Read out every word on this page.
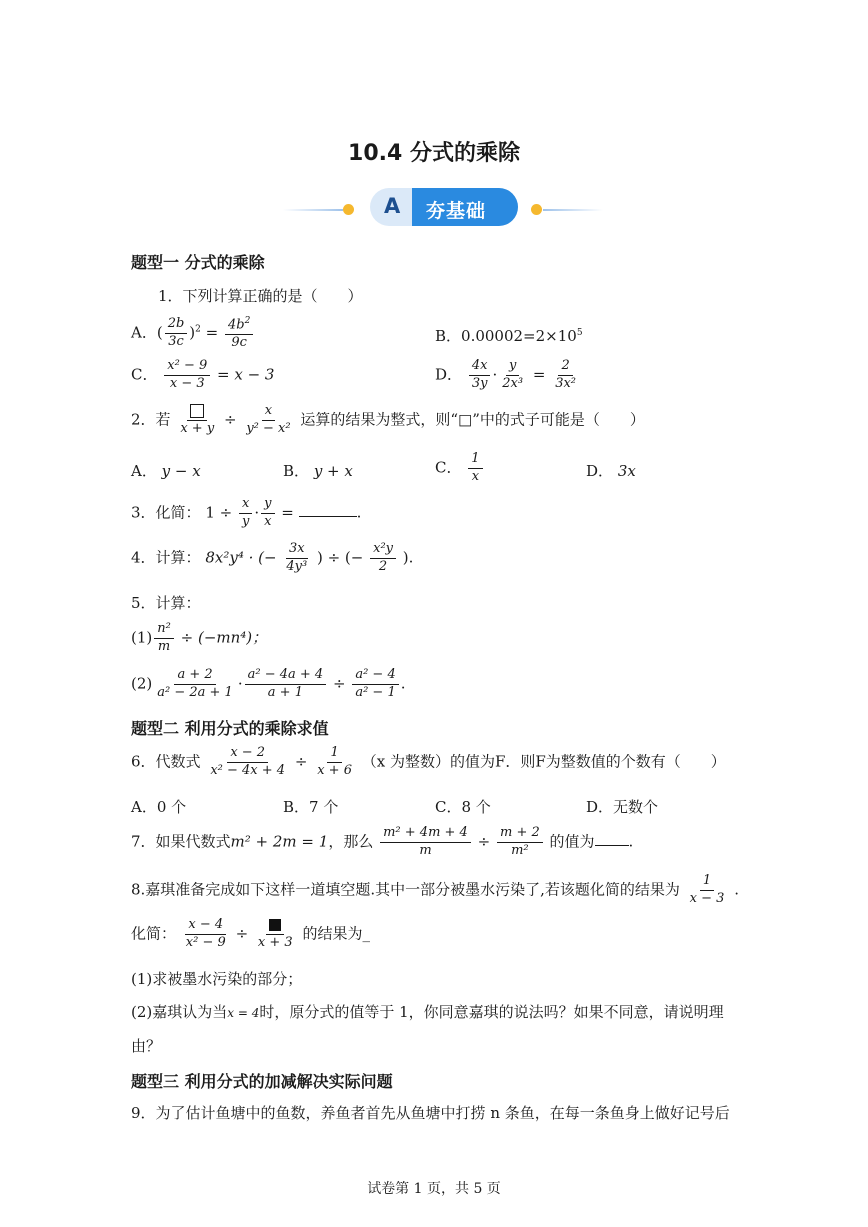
10.4 分式的乘除
A 夯基础
题型一 分式的乘除
1．下列计算正确的是（　　）
A．( $\frac{2b}{3c} )^2 = \frac{4b^2}{9c}$	B．$0.00002=2\times 10^5$
C． $\frac{\text{x² − 9}}{x - 3} = x - 3$	D． $\frac{4x}{3y} \cdot \frac{y}{\text{2x³}} = \frac{2}{\text{3x²}}$
2．若
x + y
÷ $\frac{x}{\text{y² − x²}}$ 运算的结果为整式，则“□”中的式子可能是（　　）
A． y − x	B． y + x	C． $\frac{1}{x}$	D． 3x
3．化简： $1 \div \frac{x}{y} \cdot \frac{y}{x}$ =	.
4．计算： 8x²y⁴ · (− $\frac{3x}{\text{4y³}}$ ) ÷ (− $\frac{\text{x²y}}{2}$ ).
5．计算：
$(1) \frac{\text{n²}}{m} \div (-mn^4)$；
$(2) \frac{a + 2}{\text{a² − 2a + 1}} \cdot \frac{\text{a² − 4a + 4}}{a + 1} \div \frac{\text{a² − 4}}{\text{a² − 1}}$ .
题型二 利用分式的乘除求值
6．代数式 $\frac{x - 2}{\text{x² − 4x + 4}} \div \frac{1}{x + 6} (x$ 为整数）的值为F．则F为整数值的个数有（　　）
A．0 个	B．7 个	C．8 个	D．无数个
7．如果代数式m² + 2m = 1，那么 $\frac{\text{m² + 4m + 4}}{m} \div \frac{m + 2}{\text{m²}}$ 的值为 .
8.嘉琪准备完成如下这样一道填空题.其中一部分被墨水污染了,若该题化简的结果为 $\frac{1}{x - 3}$ .
化简： $\frac{x - 4}{\text{x² − 9}} \div x + 3$ 的结果为_
(1)求被墨水污染的部分；
(2)嘉琪认为当x = 4时，原分式的值等于 1，你同意嘉琪的说法吗？如果不同意，请说明理
由？
题型三 利用分式的加减解决实际问题
9．为了估计鱼塘中的鱼数，养鱼者首先从鱼塘中打捞 n 条鱼，在每一条鱼身上做好记号后
试卷第 1 页，共 5 页
